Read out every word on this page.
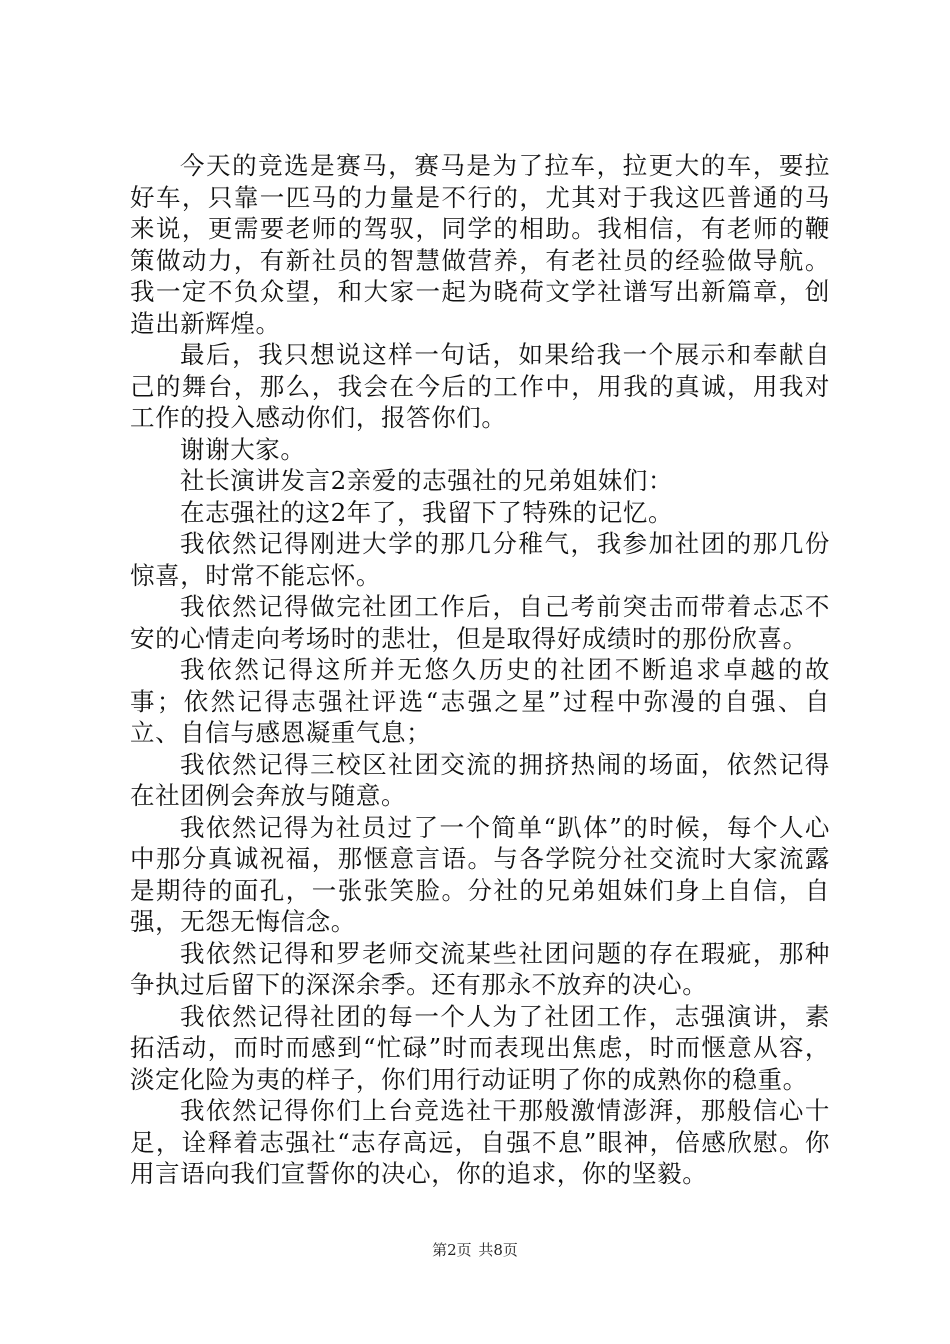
今天的竞选是赛马，赛马是为了拉车，拉更大的车，要拉好车，只靠一匹马的力量是不行的，尤其对于我这匹普通的马来说，更需要老师的驾驭，同学的相助。我相信，有老师的鞭策做动力，有新社员的智慧做营养，有老社员的经验做导航。我一定不负众望，和大家一起为晓荷文学社谱写出新篇章，创造出新辉煌。

最后，我只想说这样一句话，如果给我一个展示和奉献自己的舞台，那么，我会在今后的工作中，用我的真诚，用我对工作的投入感动你们，报答你们。

谢谢大家。

社长演讲发言2亲爱的志强社的兄弟姐妹们：

在志强社的这2年了，我留下了特殊的记忆。

我依然记得刚进大学的那几分稚气，我参加社团的那几份惊喜，时常不能忘怀。

我依然记得做完社团工作后，自己考前突击而带着忐忑不安的心情走向考场时的悲壮，但是取得好成绩时的那份欣喜。

我依然记得这所并无悠久历史的社团不断追求卓越的故事；依然记得志强社评选“志强之星”过程中弥漫的自强、自立、自信与感恩凝重气息；

我依然记得三校区社团交流的拥挤热闹的场面，依然记得在社团例会奔放与随意。

我依然记得为社员过了一个简单“趴体”的时候，每个人心中那分真诚祝福，那惬意言语。与各学院分社交流时大家流露是期待的面孔，一张张笑脸。分社的兄弟姐妹们身上自信，自强，无怨无悔信念。

我依然记得和罗老师交流某些社团问题的存在瑕疵，那种争执过后留下的深深余季。还有那永不放弃的决心。

我依然记得社团的每一个人为了社团工作，志强演讲，素拓活动，而时而感到“忙碌”时而表现出焦虑，时而惬意从容，淡定化险为夷的样子，你们用行动证明了你的成熟你的稳重。

我依然记得你们上台竞选社干那般激情澎湃，那般信心十足，诠释着志强社“志存高远，自强不息”眼神，倍感欣慰。你用言语向我们宣誓你的决心，你的追求，你的坚毅。

第2页 共8页
